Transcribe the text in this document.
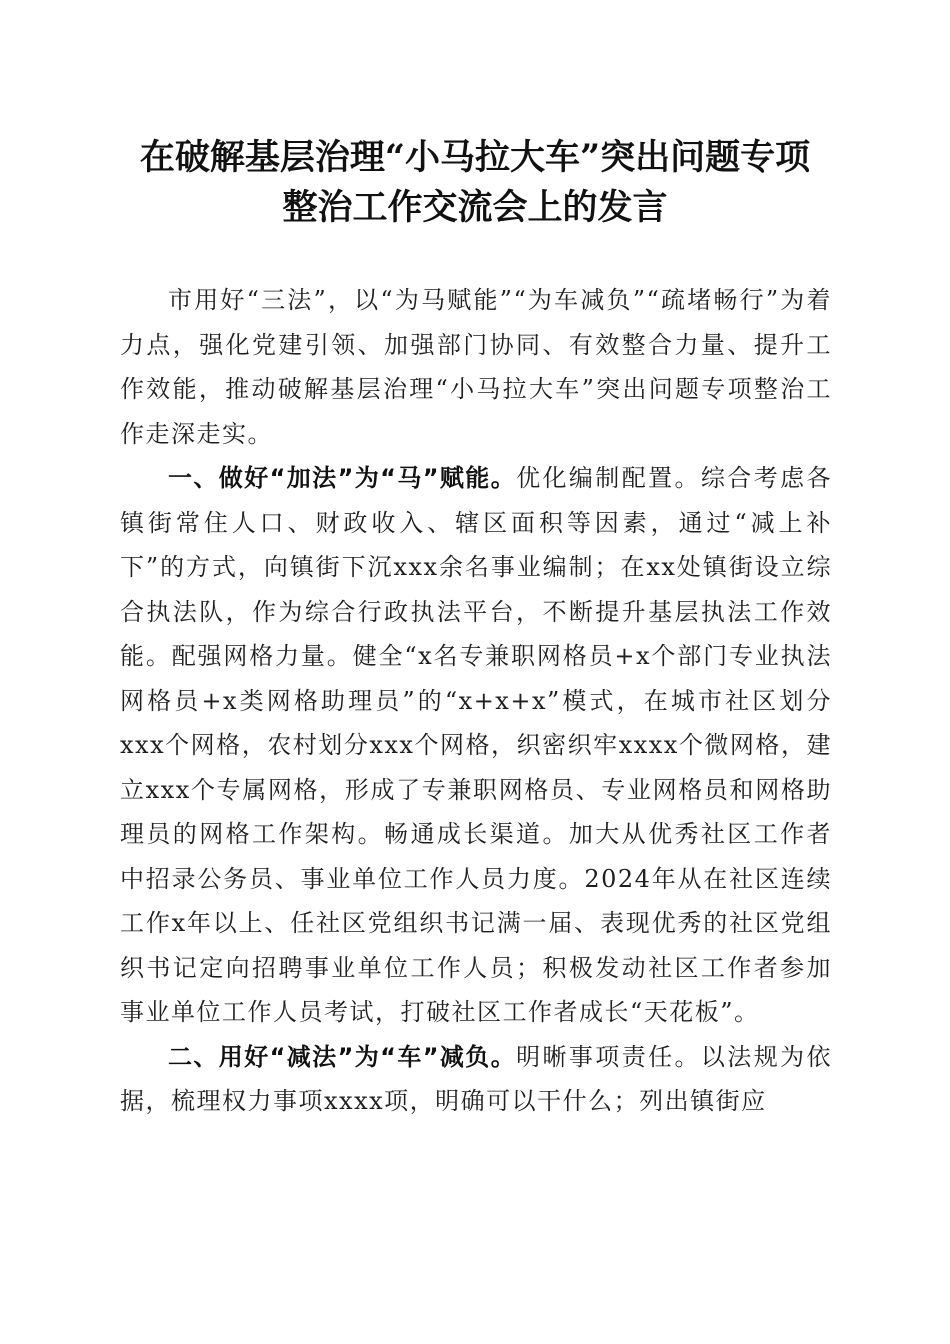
在破解基层治理“小马拉大车”突出问题专项
整治工作交流会上的发言

市用好“三法”，以“为马赋能”“为车减负”“疏堵畅行”为着力点，强化党建引领、加强部门协同、有效整合力量、提升工作效能，推动破解基层治理“小马拉大车”突出问题专项整治工作走深走实。

一、做好“加法”为“马”赋能。优化编制配置。综合考虑各镇街常住人口、财政收入、辖区面积等因素，通过“减上补下”的方式，向镇街下沉xxx余名事业编制；在xx处镇街设立综合执法队，作为综合行政执法平台，不断提升基层执法工作效能。配强网格力量。健全“x名专兼职网格员+x个部门专业执法网格员+x类网格助理员”的“x+x+x”模式，在城市社区划分xxx个网格，农村划分xxx个网格，织密织牢xxxx个微网格，建立xxx个专属网格，形成了专兼职网格员、专业网格员和网格助理员的网格工作架构。畅通成长渠道。加大从优秀社区工作者中招录公务员、事业单位工作人员力度。2024年从在社区连续工作x年以上、任社区党组织书记满一届、表现优秀的社区党组织书记定向招聘事业单位工作人员；积极发动社区工作者参加事业单位工作人员考试，打破社区工作者成长“天花板”。

二、用好“减法”为“车”减负。明晰事项责任。以法规为依据，梳理权力事项xxxx项，明确可以干什么；列出镇街应
